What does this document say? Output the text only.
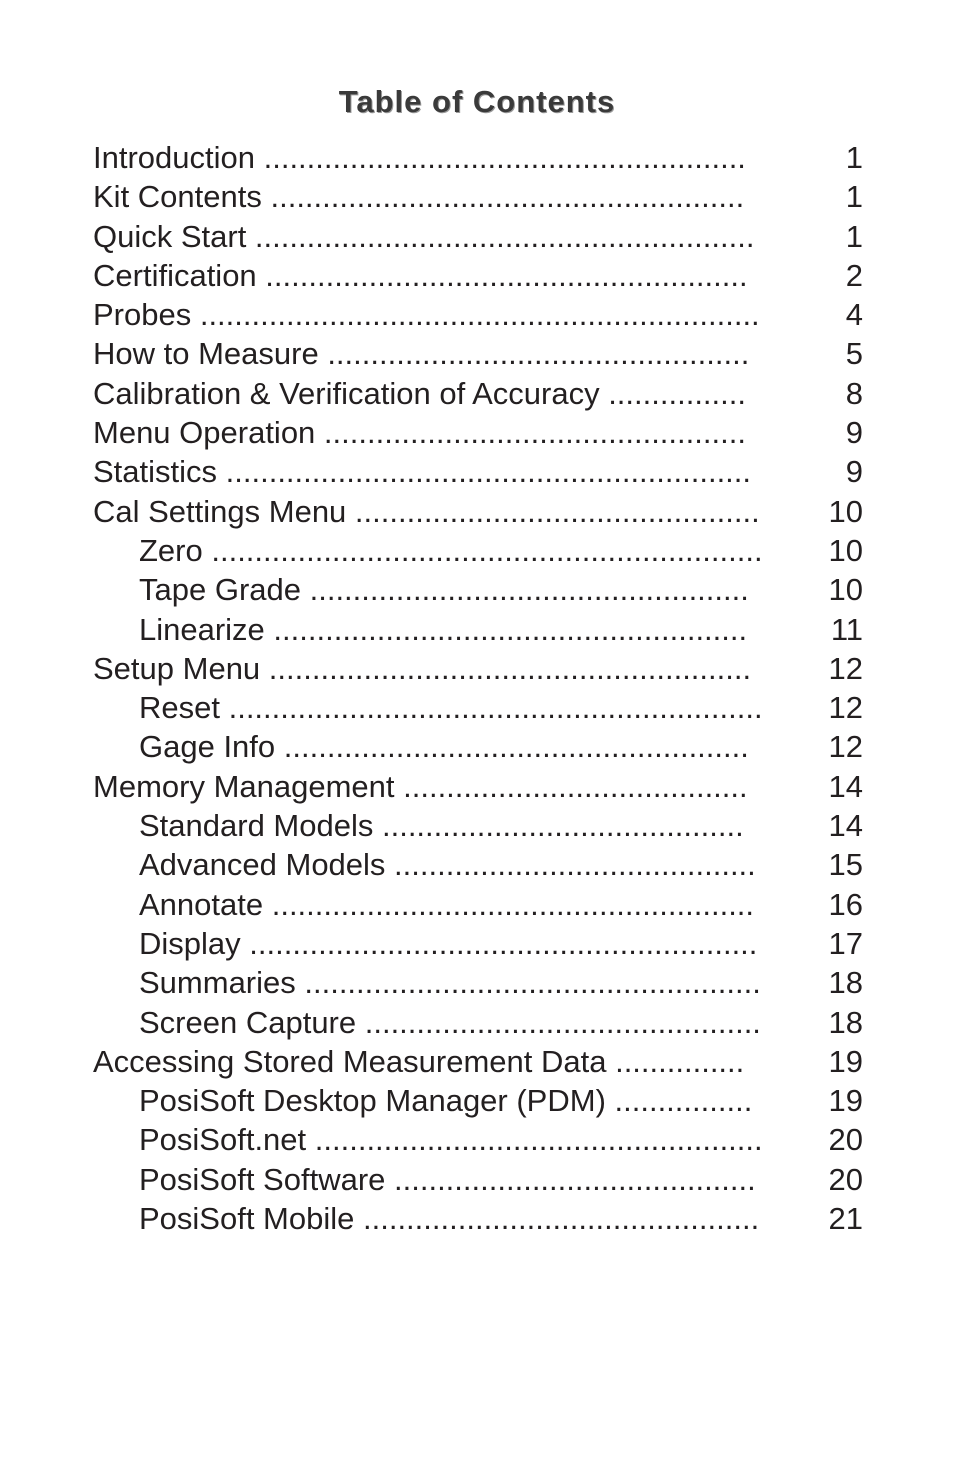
Table of Contents
Introduction ........................................................	1
Kit Contents .......................................................	1
Quick Start ..........................................................	1
Certification ........................................................	2
Probes .................................................................	4
How to Measure .................................................	5
Calibration & Verification of Accuracy ................	8
Menu Operation .................................................	9
Statistics .............................................................	9
Cal Settings Menu ...............................................	10
Zero ................................................................	10
Tape Grade ...................................................	10
Linearize .......................................................	11
Setup Menu ........................................................	12
Reset ..............................................................	12
Gage Info ......................................................	12
Memory Management ........................................	14
Standard Models ..........................................	14
Advanced Models ..........................................	15
Annotate ........................................................	16
Display ...........................................................	17
Summaries .....................................................	18
Screen Capture ..............................................	18
Accessing Stored Measurement Data ...............	19
PosiSoft Desktop Manager (PDM) ................	19
PosiSoft.net ....................................................	20
PosiSoft Software ..........................................	20
PosiSoft Mobile ..............................................	21
